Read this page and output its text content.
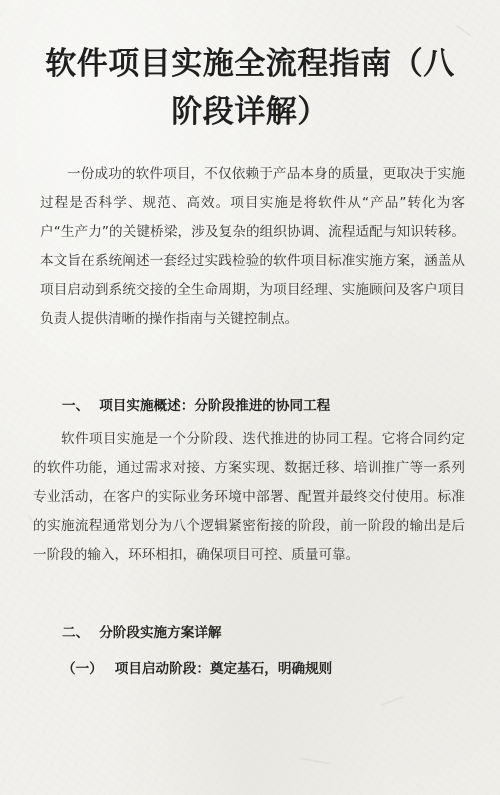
软件项目实施全流程指南（八阶段详解）

一份成功的软件项目，不仅依赖于产品本身的质量，更取决于实施过程是否科学、规范、高效。项目实施是将软件从“产品”转化为客户“生产力”的关键桥梁，涉及复杂的组织协调、流程适配与知识转移。本文旨在系统阐述一套经过实践检验的软件项目标准实施方案，涵盖从项目启动到系统交接的全生命周期，为项目经理、实施顾问及客户项目负责人提供清晰的操作指南与关键控制点。

一、 项目实施概述：分阶段推进的协同工程

软件项目实施是一个分阶段、迭代推进的协同工程。它将合同约定的软件功能，通过需求对接、方案实现、数据迁移、培训推广等一系列专业活动，在客户的实际业务环境中部署、配置并最终交付使用。标准的实施流程通常划分为八个逻辑紧密衔接的阶段，前一阶段的输出是后一阶段的输入，环环相扣，确保项目可控、质量可靠。

二、 分阶段实施方案详解
（一） 项目启动阶段：奠定基石，明确规则
